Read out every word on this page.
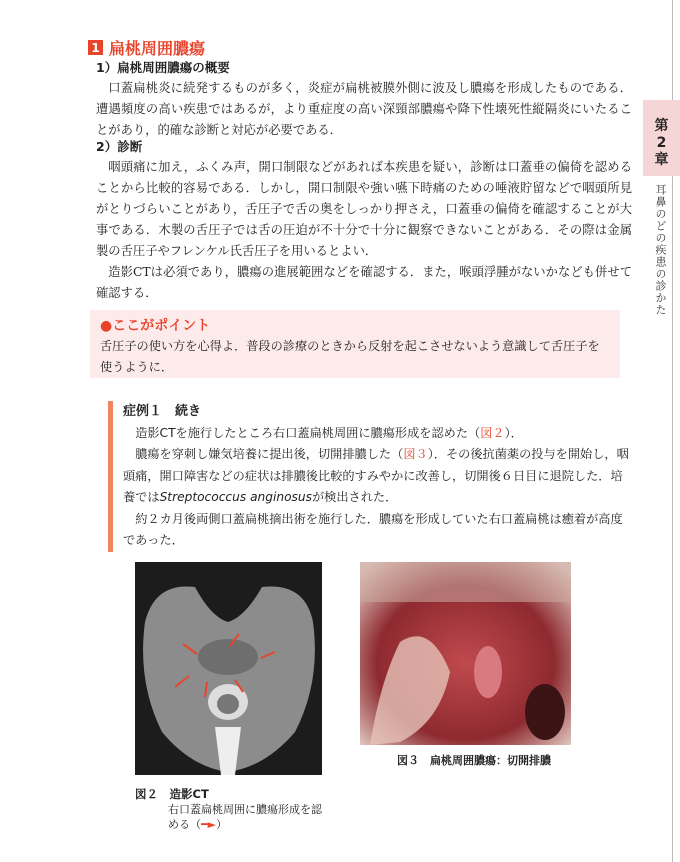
1 扁桃周囲膿瘍
1）扁桃周囲膿瘍の概要

口蓋扁桃炎に続発するものが多く，炎症が扁桃被膜外側に波及し膿瘍を形成したものである．遭遇頻度の高い疾患ではあるが，より重症度の高い深頸部膿瘍や降下性壊死性縦隔炎にいたることがあり，的確な診断と対応が必要である．

2）診断

咽頭痛に加え，ふくみ声，開口制限などがあれば本疾患を疑い，診断は口蓋垂の偏倚を認めることから比較的容易である．しかし，開口制限や強い嚥下時痛のための唾液貯留などで咽頭所見がとりづらいことがあり，舌圧子で舌の奥をしっかり押さえ，口蓋垂の偏倚を確認することが大事である．木製の舌圧子では舌の圧迫が不十分で十分に観察できないことがある．その際は金属製の舌圧子やフレンケル氏舌圧子を用いるとよい．

造影CTは必須であり，膿瘍の進展範囲などを確認する．また，喉頭浮腫がないかなども併せて確認する．

●ここがポイント
舌圧子の使い方を心得よ．普段の診療のときから反射を起こさせないよう意識して舌圧子を使うように．
症例１　続き

造影CTを施行したところ右口蓋扁桃周囲に膿瘍形成を認めた（図２）．

膿瘍を穿刺し嫌気培養に提出後，切開排膿した（図３）．その後抗菌薬の投与を開始し，咽頭痛，開口障害などの症状は排膿後比較的すみやかに改善し，切開後６日目に退院した．培養ではStreptococcus anginosusが検出された．

約２カ月後両側口蓋扁桃摘出術を施行した．膿瘍を形成していた右口蓋扁桃は癒着が高度であった．

図３　扁桃周囲膿瘍：切開排膿
図２　造影CT
右口蓋扁桃周囲に膿瘍形成を認める（━►）
第
2
章
耳鼻のどの疾患の診かた
